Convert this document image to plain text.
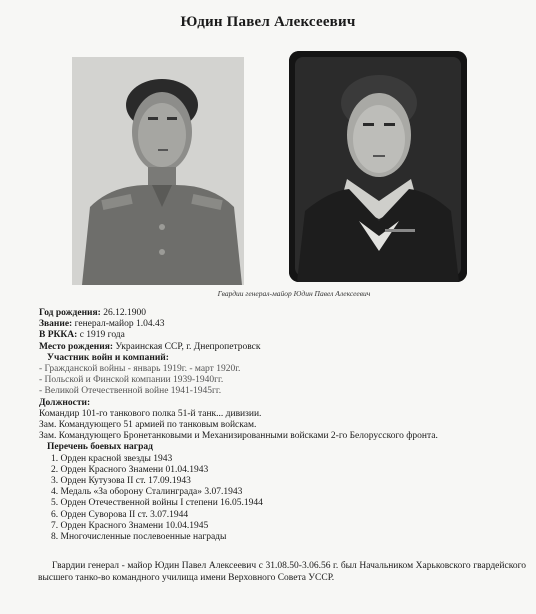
Юдин Павел Алексеевич
Гвардии генерал-майор Юдин Павел Алексеевич
Год рождения: 26.12.1900
Звание: генерал-майор 1.04.43
В РККА: с 1919 года
Место рождения: Украинская ССР, г. Днепропетровск
Участник войн и компаний:
- Гражданской войны - январь 1919г. - март 1920г.
- Польской и Финской компании 1939-1940гг.
- Великой Отечественной войне 1941-1945гг.
Должности:
Командир 101-го танкового полка 51-й танк... дивизии.
Зам. Командующего 51 армией по танковым войскам.
Зам. Командующего Бронетанковыми и Механизированными войсками 2-го Белорусского фронта.
Перечень боевых наград
1. Орден красной звезды 1943
2. Орден Красного Знамени 01.04.1943
3. Орден Кутузова II ст. 17.09.1943
4. Медаль «За оборону Сталинграда» 3.07.1943
5. Орден Отечественной войны I степени 16.05.1944
6. Орден Суворова II ст. 3.07.1944
7. Орден Красного Знамени 10.04.1945
8. Многочисленные послевоенные награды

Гвардии генерал - майор Юдин Павел Алексеевич с 31.08.50-3.06.56 г. был Начальником Харьковского гвардейского высшего танко-во командного училища имени Верховного Совета УССР.
